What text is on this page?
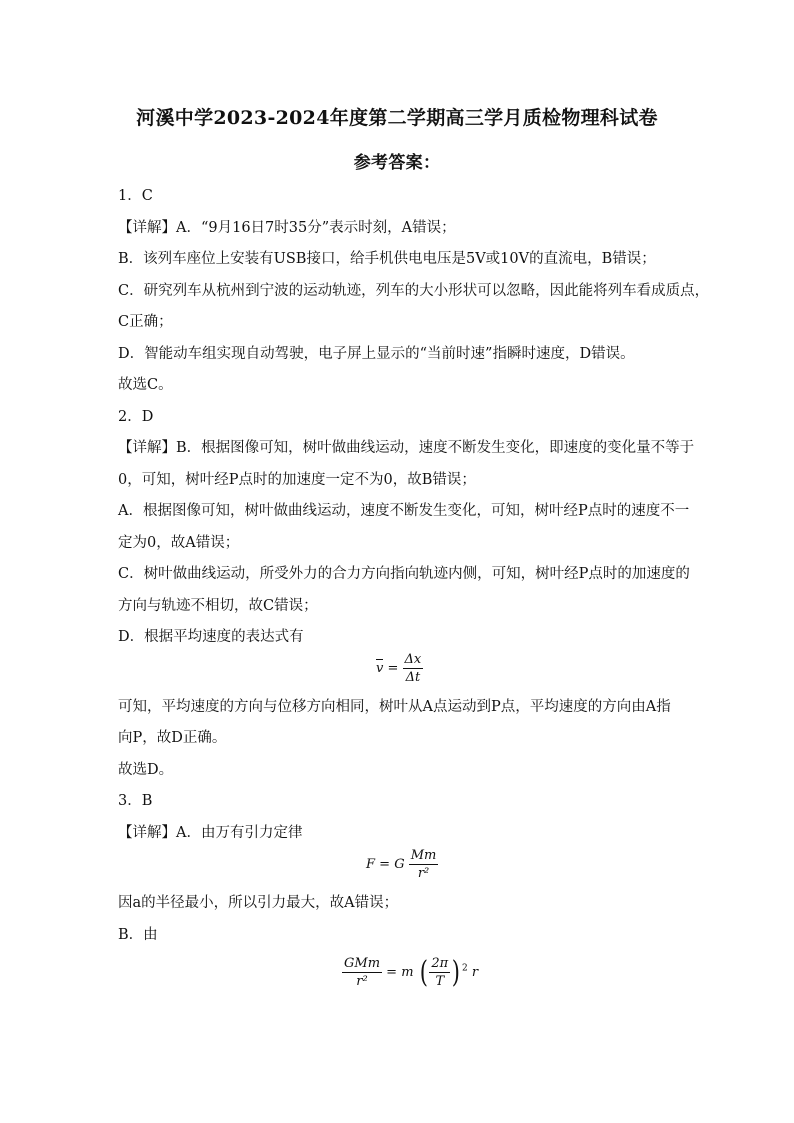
河溪中学2023-2024年度第二学期高三学月质检物理科试卷
参考答案：
1．C
【详解】A．“9月16日7时35分”表示时刻，A错误；
B．该列车座位上安装有USB接口，给手机供电电压是5V或10V的直流电，B错误；
C．研究列车从杭州到宁波的运动轨迹，列车的大小形状可以忽略，因此能将列车看成质点，
C正确；
D．智能动车组实现自动驾驶，电子屏上显示的“当前时速”指瞬时速度，D错误。
故选C。
2．D
【详解】B．根据图像可知，树叶做曲线运动，速度不断发生变化，即速度的变化量不等于
0，可知，树叶经P点时的加速度一定不为0，故B错误；
A．根据图像可知，树叶做曲线运动，速度不断发生变化，可知，树叶经P点时的速度不一
定为0，故A错误；
C．树叶做曲线运动，所受外力的合力方向指向轨迹内侧，可知，树叶经P点时的加速度的
方向与轨迹不相切，故C错误；
D．根据平均速度的表达式有
$v = \frac{\Delta x}{\Delta t}$
可知，平均速度的方向与位移方向相同，树叶从A点运动到P点，平均速度的方向由A指
向P，故D正确。
故选D。
3．B
【详解】A．由万有引力定律
F = G $\frac{Mm}{\text{r²}}$
因a的半径最小，所以引力最大，故A错误；
B．由
$\frac{\text{GMm}}{\text{r²}} = m$ ( $\frac{2\pi}{T}$ ) $^2$ r
